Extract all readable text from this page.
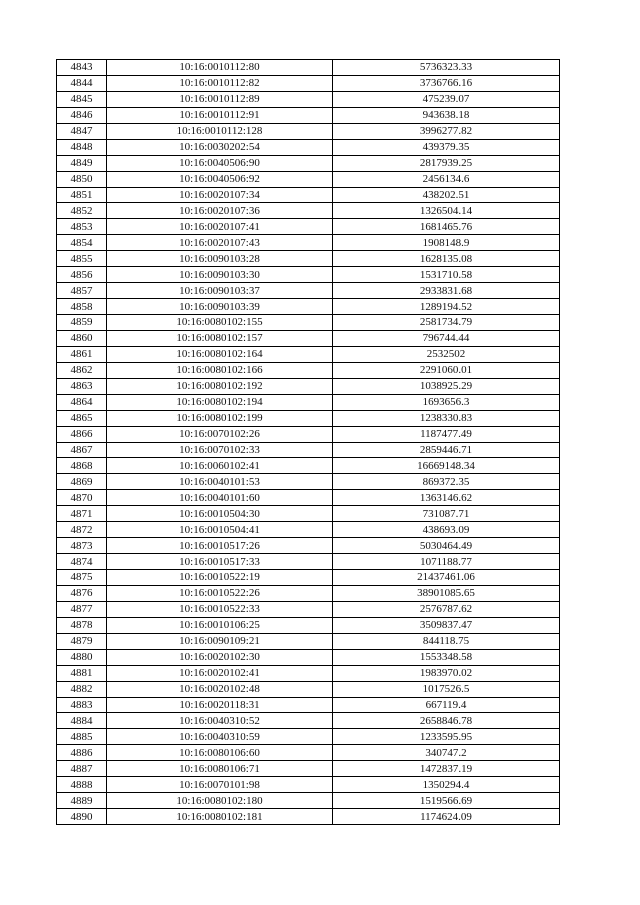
4843	10:16:0010112:80	5736323.33
4844	10:16:0010112:82	3736766.16
4845	10:16:0010112:89	475239.07
4846	10:16:0010112:91	943638.18
4847	10:16:0010112:128	3996277.82
4848	10:16:0030202:54	439379.35
4849	10:16:0040506:90	2817939.25
4850	10:16:0040506:92	2456134.6
4851	10:16:0020107:34	438202.51
4852	10:16:0020107:36	1326504.14
4853	10:16:0020107:41	1681465.76
4854	10:16:0020107:43	1908148.9
4855	10:16:0090103:28	1628135.08
4856	10:16:0090103:30	1531710.58
4857	10:16:0090103:37	2933831.68
4858	10:16:0090103:39	1289194.52
4859	10:16:0080102:155	2581734.79
4860	10:16:0080102:157	796744.44
4861	10:16:0080102:164	2532502
4862	10:16:0080102:166	2291060.01
4863	10:16:0080102:192	1038925.29
4864	10:16:0080102:194	1693656.3
4865	10:16:0080102:199	1238330.83
4866	10:16:0070102:26	1187477.49
4867	10:16:0070102:33	2859446.71
4868	10:16:0060102:41	16669148.34
4869	10:16:0040101:53	869372.35
4870	10:16:0040101:60	1363146.62
4871	10:16:0010504:30	731087.71
4872	10:16:0010504:41	438693.09
4873	10:16:0010517:26	5030464.49
4874	10:16:0010517:33	1071188.77
4875	10:16:0010522:19	21437461.06
4876	10:16:0010522:26	38901085.65
4877	10:16:0010522:33	2576787.62
4878	10:16:0010106:25	3509837.47
4879	10:16:0090109:21	844118.75
4880	10:16:0020102:30	1553348.58
4881	10:16:0020102:41	1983970.02
4882	10:16:0020102:48	1017526.5
4883	10:16:0020118:31	667119.4
4884	10:16:0040310:52	2658846.78
4885	10:16:0040310:59	1233595.95
4886	10:16:0080106:60	340747.2
4887	10:16:0080106:71	1472837.19
4888	10:16:0070101:98	1350294.4
4889	10:16:0080102:180	1519566.69
4890	10:16:0080102:181	1174624.09
